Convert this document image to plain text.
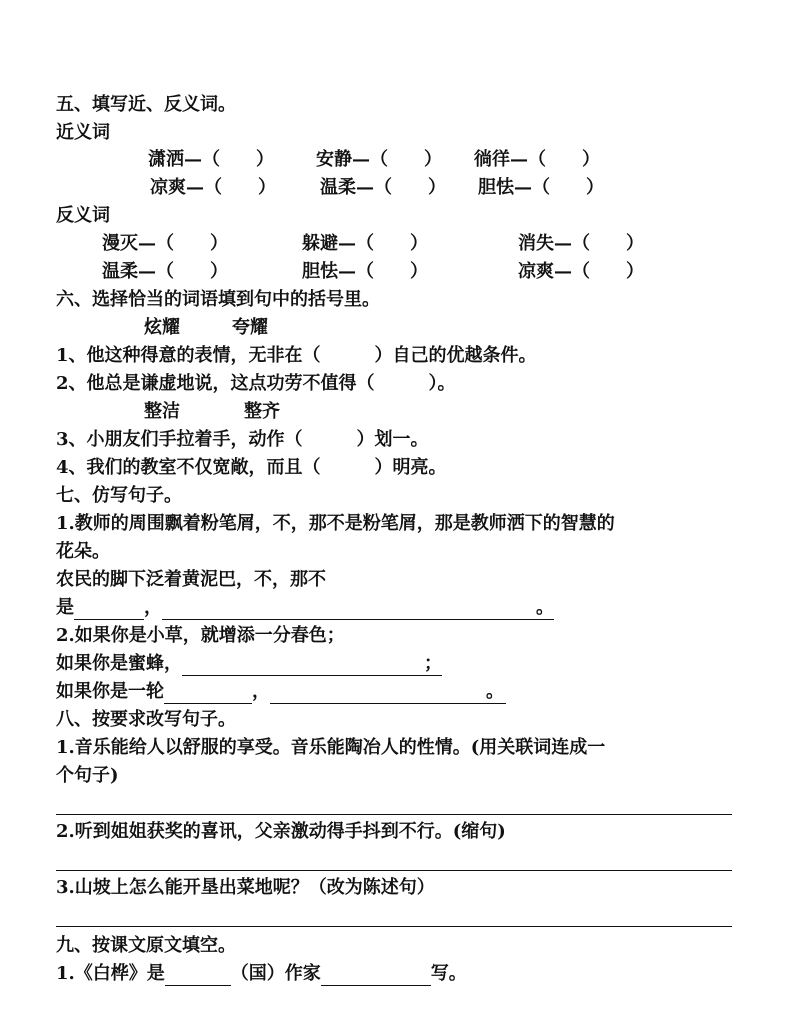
五、填写近、反义词。
近义词
潇洒—（　　） 安静—（　　） 徜徉—（　　）
凉爽—（　　） 温柔—（　　） 胆怯—（　　）
反义词
漫灭—（　　）	躲避—（　　）	消失—（　　）
温柔—（　　）	胆怯—（　　）	凉爽—（　　）
六、选择恰当的词语填到句中的括号里。
炫耀	夸耀
1、他这种得意的表情，无非在（　　　）自己的优越条件。
2、他总是谦虚地说，这点功劳不值得（　　　）。
整洁	整齐
3、小朋友们手拉着手，动作（　　　）划一。
4、我们的教室不仅宽敞，而且（　　　）明亮。
七、仿写句子。
1.教师的周围飘着粉笔屑，不，那不是粉笔屑，那是教师洒下的智慧的
花朵。
农民的脚下泛着黄泥巴，不，那不
是	，	。
2.如果你是小草，就增添一分春色；
如果你是蜜蜂，	；
如果你是一轮	，	。
八、按要求改写句子。
1.音乐能给人以舒服的享受。音乐能陶冶人的性情。(用关联词连成一
个句子)
2.听到姐姐获奖的喜讯，父亲激动得手抖到不行。(缩句)
3.山坡上怎么能开垦出菜地呢？（改为陈述句）
九、按课文原文填空。
1.《白桦》是	（国）作家	写。
